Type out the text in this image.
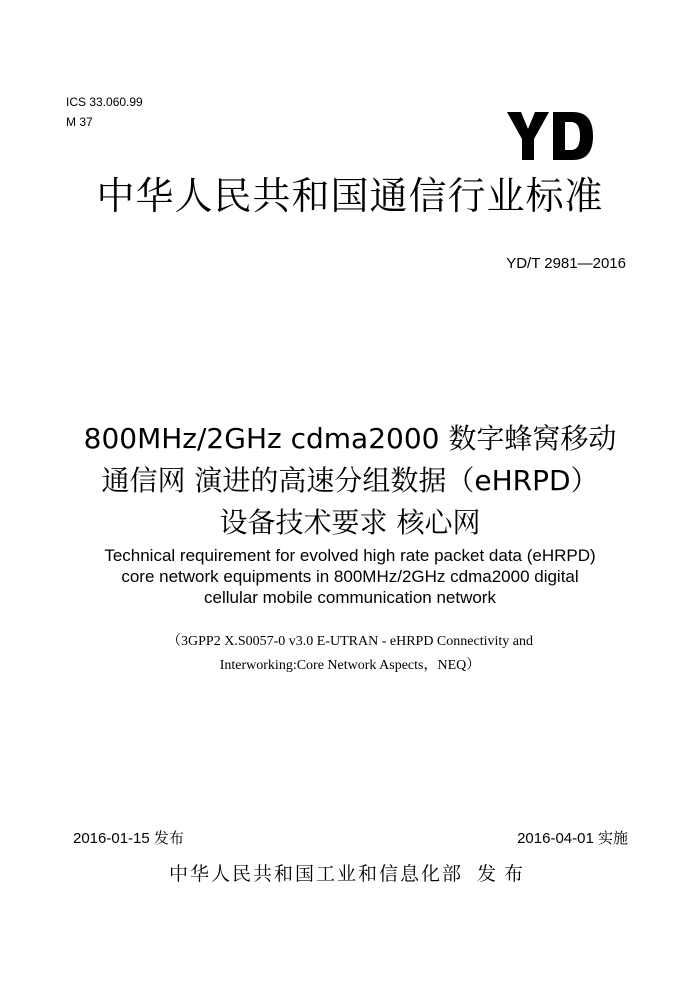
ICS 33.060.99
M 37
中华人民共和国通信行业标准
YD/T 2981—2016
800MHz/2GHz cdma2000 数字蜂窝移动
通信网 演进的高速分组数据（eHRPD）
设备技术要求 核心网
Technical requirement for evolved high rate packet data (eHRPD)
core network equipments in 800MHz/2GHz cdma2000 digital
cellular mobile communication network
（3GPP2 X.S0057-0 v3.0 E-UTRAN - eHRPD Connectivity and
Interworking:Core Network Aspects，NEQ）
2016-01-15 发布	2016-04-01 实施
中华人民共和国工业和信息化部 发布
